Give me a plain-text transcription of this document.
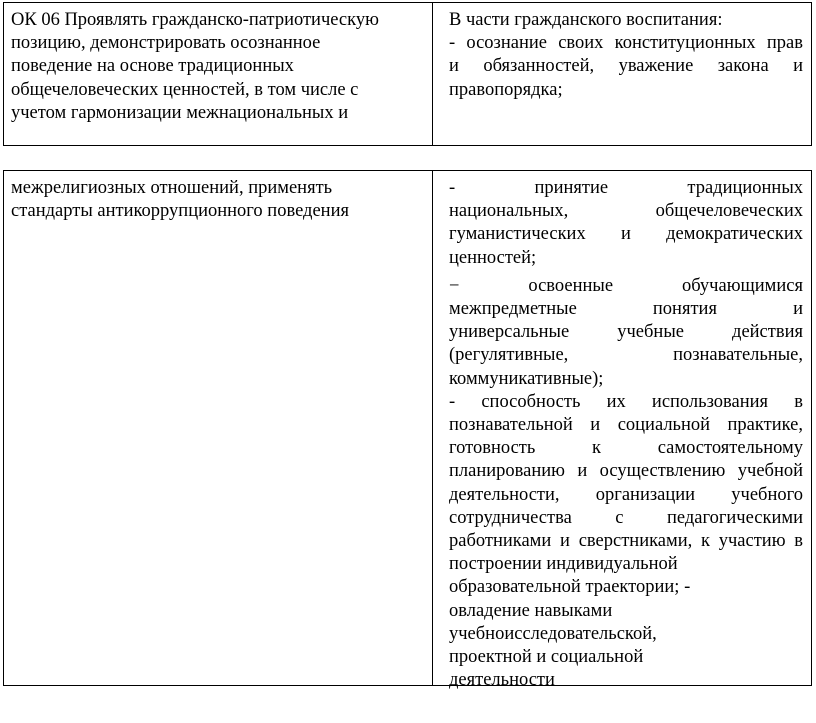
ОК 06 Проявлять гражданско-патриотическую
позицию, демонстрировать осознанное
поведение на основе традиционных
общечеловеческих ценностей, в том числе с
учетом гармонизации межнациональных и
В части гражданского воспитания:
- осознание своих конституционных прав
и обязанностей, уважение закона и
правопорядка;
межрелигиозных отношений, применять
стандарты антикоррупционного поведения
- принятие традиционных
национальных, общечеловеческих
гуманистических и демократических
ценностей;
− освоенные обучающимися
межпредметные понятия и
универсальные учебные действия
(регулятивные, познавательные,
коммуникативные);
- способность их использования в
познавательной и социальной практике,
готовность к самостоятельному
планированию и осуществлению учебной
деятельности, организации учебного
сотрудничества с педагогическими
работниками и сверстниками, к участию в
построении индивидуальной
образовательной траектории; -
овладение навыками
учебноисследовательской,
проектной и социальной
деятельности
